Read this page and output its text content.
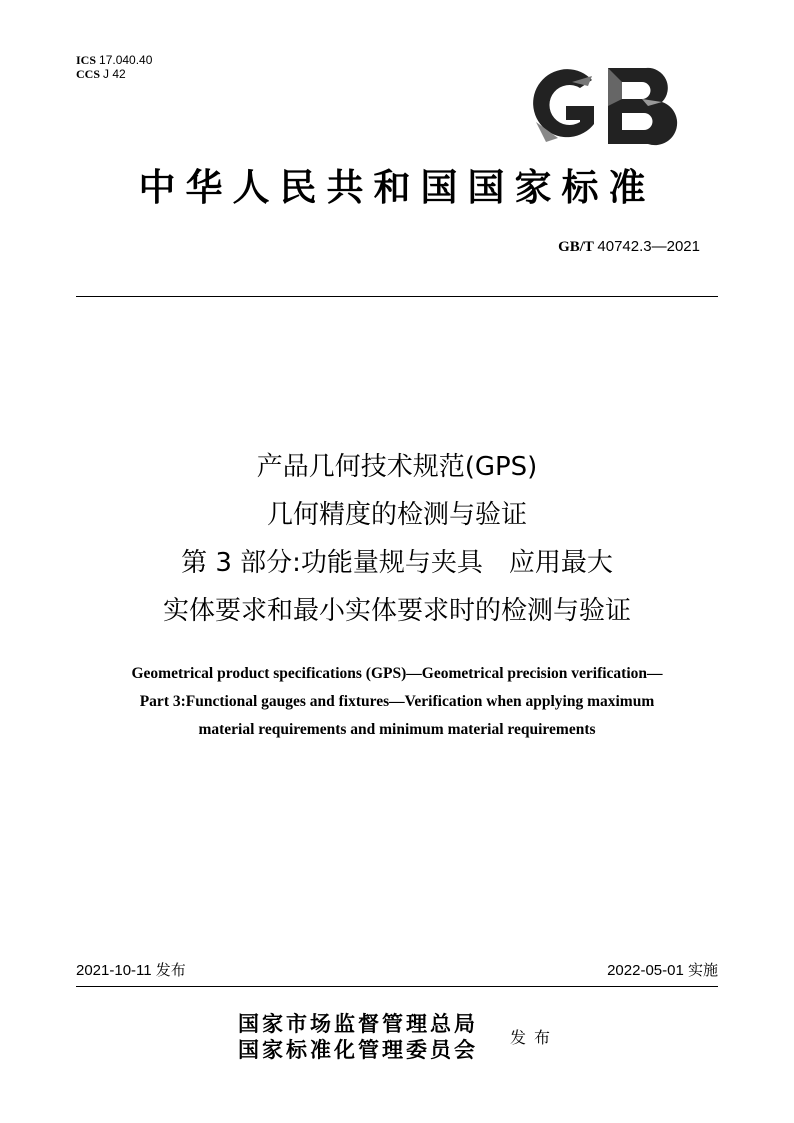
ICS 17.040.40
CCS J 42
中华人民共和国国家标准
GB/T 40742.3—2021
产品几何技术规范(GPS)
几何精度的检测与验证
第 3 部分:功能量规与夹具　应用最大
实体要求和最小实体要求时的检测与验证
Geometrical product specifications (GPS)—Geometrical precision verification—
Part 3:Functional gauges and fixtures—Verification when applying maximum
material requirements and minimum material requirements
2021-10-11 发布	2022-05-01 实施
国家市场监督管理总局
国家标准化管理委员会 发布
